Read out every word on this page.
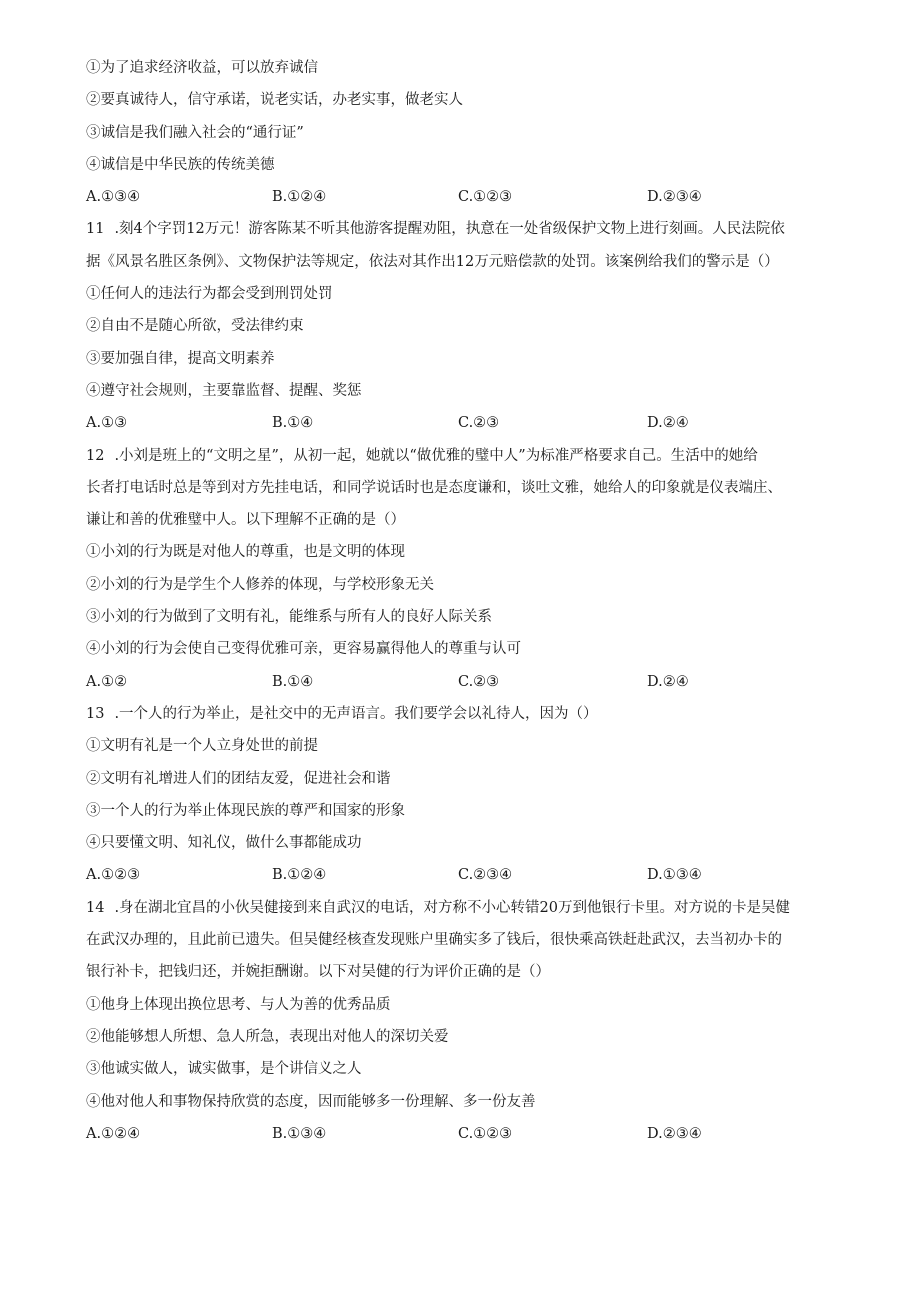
①为了追求经济收益，可以放弃诚信
②要真诚待人，信守承诺，说老实话，办老实事，做老实人
③诚信是我们融入社会的“通行证”
④诚信是中华民族的传统美德
A.①③④	B.①②④	C.①②③	D.②③④
11 .刻4个字罚12万元！游客陈某不听其他游客提醒劝阻，执意在一处省级保护文物上进行刻画。人民法院依
据《风景名胜区条例》、文物保护法等规定，依法对其作出12万元赔偿款的处罚。该案例给我们的警示是（）
①任何人的违法行为都会受到刑罚处罚
②自由不是随心所欲，受法律约束
③要加强自律，提高文明素养
④遵守社会规则，主要靠监督、提醒、奖惩
A.①③	B.①④	C.②③	D.②④
12 .小刘是班上的“文明之星”，从初一起，她就以“做优雅的璧中人”为标准严格要求自己。生活中的她给
长者打电话时总是等到对方先挂电话，和同学说话时也是态度谦和，谈吐文雅，她给人的印象就是仪表端庄、
谦让和善的优雅璧中人。以下理解不正确的是（）
①小刘的行为既是对他人的尊重，也是文明的体现
②小刘的行为是学生个人修养的体现，与学校形象无关
③小刘的行为做到了文明有礼，能维系与所有人的良好人际关系
④小刘的行为会使自己变得优雅可亲，更容易赢得他人的尊重与认可
A.①②	B.①④	C.②③	D.②④
13 .一个人的行为举止，是社交中的无声语言。我们要学会以礼待人，因为（）
①文明有礼是一个人立身处世的前提
②文明有礼增进人们的团结友爱，促进社会和谐
③一个人的行为举止体现民族的尊严和国家的形象
④只要懂文明、知礼仪，做什么事都能成功
A.①②③	B.①②④	C.②③④	D.①③④
14 .身在湖北宜昌的小伙吴健接到来自武汉的电话，对方称不小心转错20万到他银行卡里。对方说的卡是吴健
在武汉办理的，且此前已遗失。但吴健经核查发现账户里确实多了钱后，很快乘高铁赶赴武汉，去当初办卡的
银行补卡，把钱归还，并婉拒酬谢。以下对吴健的行为评价正确的是（）
①他身上体现出换位思考、与人为善的优秀品质
②他能够想人所想、急人所急，表现出对他人的深切关爱
③他诚实做人，诚实做事，是个讲信义之人
④他对他人和事物保持欣赏的态度，因而能够多一份理解、多一份友善
A.①②④	B.①③④	C.①②③	D.②③④
